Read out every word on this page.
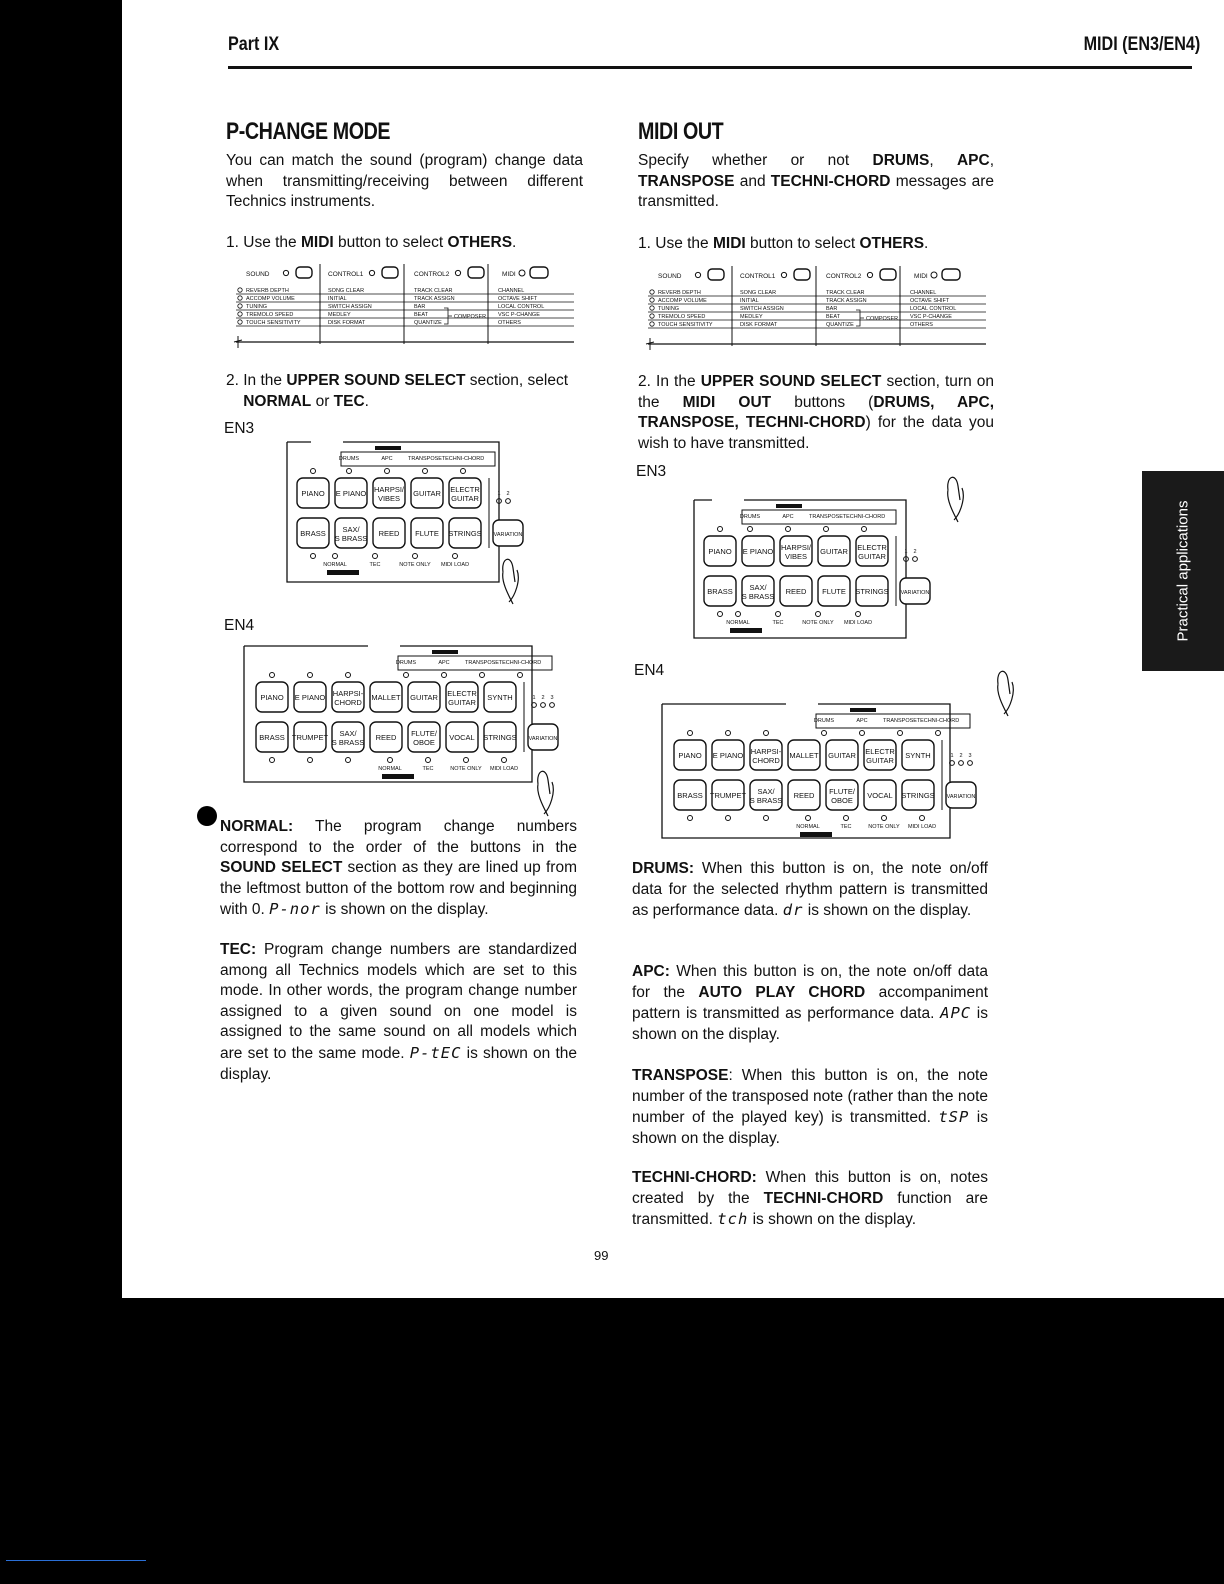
Part IX	MIDI (EN3/EN4)
Practical applications
P-CHANGE MODE
You can match the sound (program) change data when transmitting/receiving between different Technics instruments.
1. Use the MIDI button to select OTHERS.
SOUND	CONTROL1	CONTROL2	MIDI
REVERB DEPTH	SONG CLEAR	TRACK CLEAR	CHANNEL
ACCOMP VOLUME	INITIAL	TRACK ASSIGN	OCTAVE SHIFT
TUNING	SWITCH ASSIGN	BAR	LOCAL CONTROL
TREMOLO SPEED	MEDLEY	BEAT	VSC P-CHANGE
TOUCH SENSITIVITY	DISK FORMAT	QUANTIZE	OTHERS
COMPOSER
2. In the UPPER SOUND SELECT section, select
NORMAL or TEC.
EN3
DRUMS	APC	TRANSPOSE TECHNI-CHORD
PIANO E PIANO HARPSI/
VIBES
GUITAR ELECTR
GUITAR
BRASS SAX/
S BRASS
REED FLUTE STRINGS VARIATION
1 2
NORMAL	TEC	NOTE ONLY MIDI LOAD
EN4
DRUMS	APC	TRANSPOSE TECHNI-CHORD
PIANO E PIANO HARPSI-
CHORD
MALLET GUITAR ELECTR
GUITAR
SYNTH
BRASS TRUMPET SAX/
S BRASS
REED FLUTE/
OBOE
VOCAL STRINGS VARIATION
1 2 3
NORMAL	TEC	NOTE ONLY MIDI LOAD
NORMAL: The program change numbers correspond to the order of the buttons in the SOUND SELECT section as they are lined up from the leftmost button of the bottom row and beginning with 0. P-nor is shown on the display.
TEC: Program change numbers are standardized among all Technics models which are set to this mode. In other words, the program change number assigned to a given sound on one model is assigned to the same sound on all models which are set to the same mode. P-tEC is shown on the display.
MIDI OUT
Specify whether or not DRUMS, APC, TRANSPOSE and TECHNI-CHORD messages are transmitted.
1. Use the MIDI button to select OTHERS.
SOUND	CONTROL1	CONTROL2	MIDI
REVERB DEPTH	SONG CLEAR	TRACK CLEAR	CHANNEL
ACCOMP VOLUME	INITIAL	TRACK ASSIGN	OCTAVE SHIFT
TUNING	SWITCH ASSIGN	BAR	LOCAL CONTROL
TREMOLO SPEED	MEDLEY	BEAT	VSC P-CHANGE
TOUCH SENSITIVITY	DISK FORMAT	QUANTIZE	OTHERS
COMPOSER
2. In the UPPER SOUND SELECT section, turn on the MIDI OUT buttons (DRUMS, APC, TRANSPOSE, TECHNI-CHORD) for the data you wish to have transmitted.
EN3
DRUMS	APC	TRANSPOSE TECHNI-CHORD
PIANO E PIANO HARPSI/
VIBES
GUITAR ELECTR
GUITAR
BRASS SAX/
S BRASS
REED FLUTE STRINGS VARIATION
1 2
NORMAL	TEC	NOTE ONLY MIDI LOAD
EN4
DRUMS	APC	TRANSPOSE TECHNI-CHORD
PIANO E PIANO HARPSI-
CHORD
MALLET GUITAR ELECTR
GUITAR
SYNTH
BRASS TRUMPET SAX/
S BRASS
REED FLUTE/
OBOE
VOCAL STRINGS VARIATION
1 2 3
NORMAL	TEC	NOTE ONLY MIDI LOAD
DRUMS: When this button is on, the note on/off data for the selected rhythm pattern is transmitted as performance data. dr is shown on the display.
APC: When this button is on, the note on/off data for the AUTO PLAY CHORD accompaniment pattern is transmitted as performance data. APC is shown on the display.
TRANSPOSE: When this button is on, the note number of the transposed note (rather than the note number of the played key) is transmitted. tSP is shown on the display.
TECHNI-CHORD: When this button is on, notes created by the TECHNI-CHORD function are transmitted. tch is shown on the display.
99
